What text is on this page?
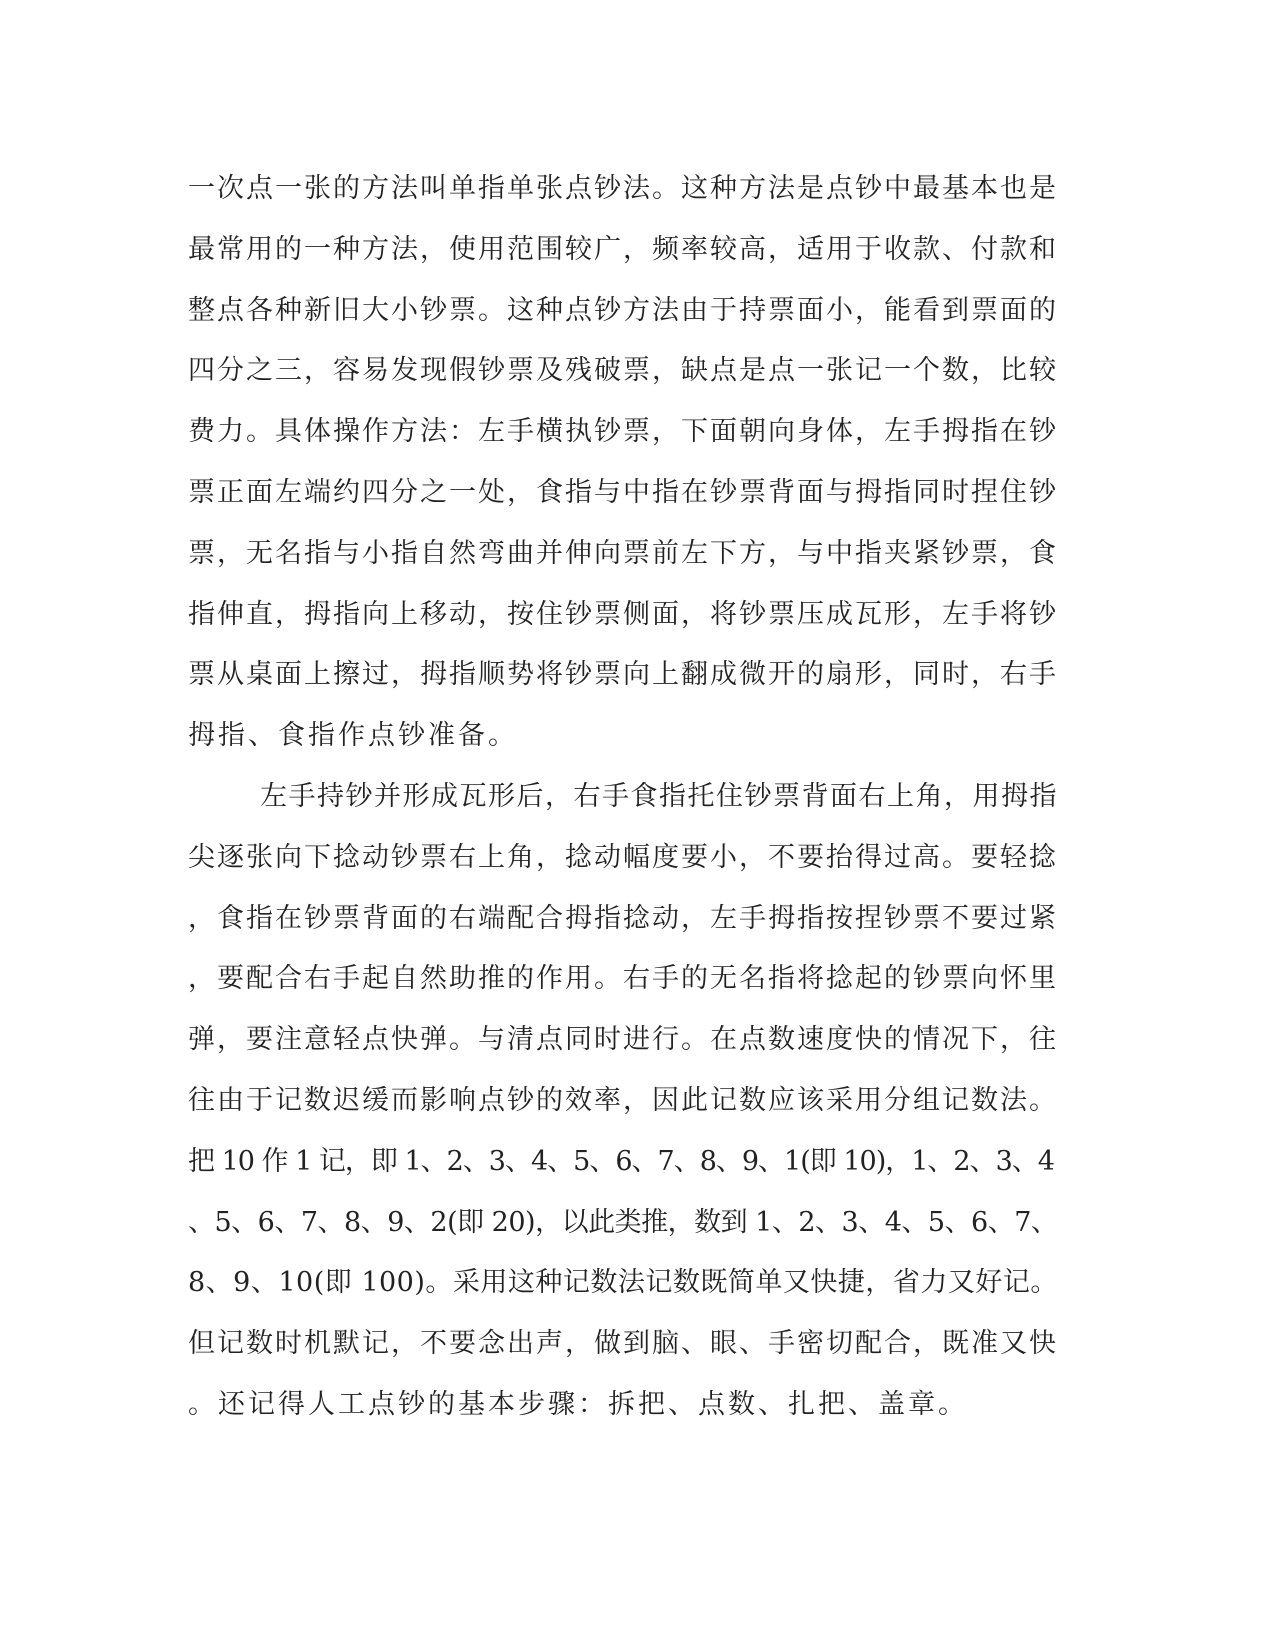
一次点一张的方法叫单指单张点钞法。这种方法是点钞中最基本也是
最常用的一种方法，使用范围较广，频率较高，适用于收款、付款和
整点各种新旧大小钞票。这种点钞方法由于持票面小，能看到票面的
四分之三，容易发现假钞票及残破票，缺点是点一张记一个数，比较
费力。具体操作方法：左手横执钞票，下面朝向身体，左手拇指在钞
票正面左端约四分之一处，食指与中指在钞票背面与拇指同时捏住钞
票，无名指与小指自然弯曲并伸向票前左下方，与中指夹紧钞票，食
指伸直，拇指向上移动，按住钞票侧面，将钞票压成瓦形，左手将钞
票从桌面上擦过，拇指顺势将钞票向上翻成微开的扇形，同时，右手
拇指、食指作点钞准备。
左手持钞并形成瓦形后，右手食指托住钞票背面右上角，用拇指
尖逐张向下捻动钞票右上角，捻动幅度要小，不要抬得过高。要轻捻
，食指在钞票背面的右端配合拇指捻动，左手拇指按捏钞票不要过紧
，要配合右手起自然助推的作用。右手的无名指将捻起的钞票向怀里
弹，要注意轻点快弹。与清点同时进行。在点数速度快的情况下，往
往由于记数迟缓而影响点钞的效率，因此记数应该采用分组记数法。
把 10 作 1 记，即 1、2、3、4、5、6、7、8、9、1(即 10)，1、2、3、4
、5、6、7、8、9、2(即 20)，以此类推，数到 1、2、3、4、5、6、7、
8、9、10(即 100)。采用这种记数法记数既简单又快捷，省力又好记。
但记数时机默记，不要念出声，做到脑、眼、手密切配合，既准又快
。还记得人工点钞的基本步骤：拆把、点数、扎把、盖章。
